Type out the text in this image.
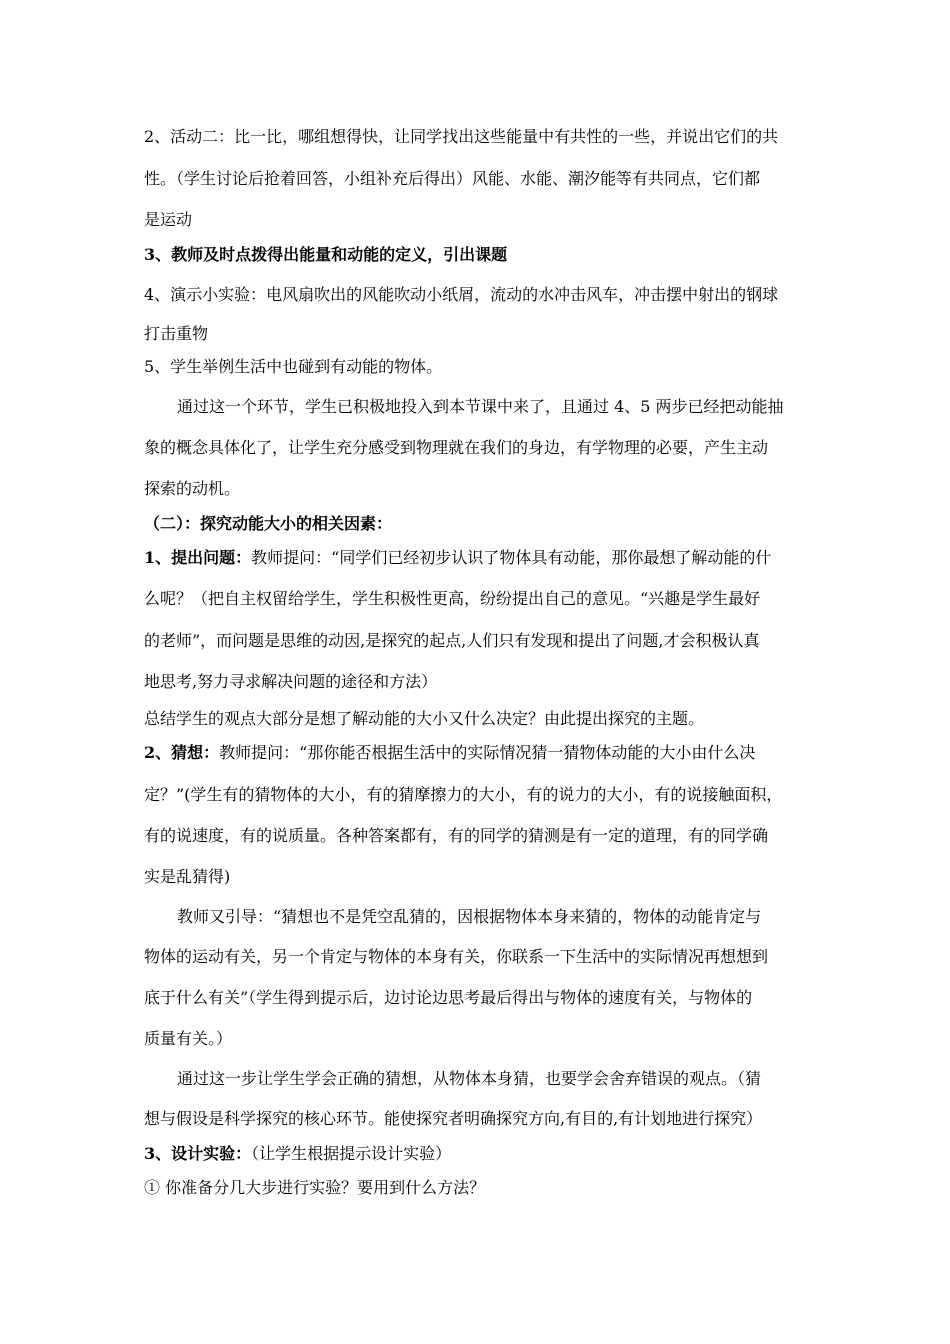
2、活动二：比一比，哪组想得快，让同学找出这些能量中有共性的一些，并说出它们的共
性。（学生讨论后抢着回答，小组补充后得出）风能、水能、潮汐能等有共同点，它们都
是运动
3、教师及时点拨得出能量和动能的定义，引出课题
4、演示小实验：电风扇吹出的风能吹动小纸屑，流动的水冲击风车，冲击摆中射出的钢球
打击重物
5、学生举例生活中也碰到有动能的物体。
通过这一个环节，学生已积极地投入到本节课中来了，且通过 4、5 两步已经把动能抽
象的概念具体化了，让学生充分感受到物理就在我们的身边，有学物理的必要，产生主动
探索的动机。
（二）：探究动能大小的相关因素：
1、提出问题：教师提问：“同学们已经初步认识了物体具有动能，那你最想了解动能的什
么呢？（把自主权留给学生，学生积极性更高，纷纷提出自己的意见。“兴趣是学生最好
的老师”，而问题是思维的动因,是探究的起点,人们只有发现和提出了问题,才会积极认真
地思考,努力寻求解决问题的途径和方法）
总结学生的观点大部分是想了解动能的大小又什么决定？由此提出探究的主题。
2、猜想：教师提问：“那你能否根据生活中的实际情况猜一猜物体动能的大小由什么决
定？”(学生有的猜物体的大小，有的猜摩擦力的大小，有的说力的大小，有的说接触面积，
有的说速度，有的说质量。各种答案都有，有的同学的猜测是有一定的道理，有的同学确
实是乱猜得)
教师又引导：“猜想也不是凭空乱猜的，因根据物体本身来猜的，物体的动能肯定与
物体的运动有关，另一个肯定与物体的本身有关，你联系一下生活中的实际情况再想想到
底于什么有关”（学生得到提示后，边讨论边思考最后得出与物体的速度有关，与物体的
质量有关。）
通过这一步让学生学会正确的猜想，从物体本身猜，也要学会舍弃错误的观点。（猜
想与假设是科学探究的核心环节。能使探究者明确探究方向,有目的,有计划地进行探究）
3、设计实验：（让学生根据提示设计实验）
① 你准备分几大步进行实验？要用到什么方法？
